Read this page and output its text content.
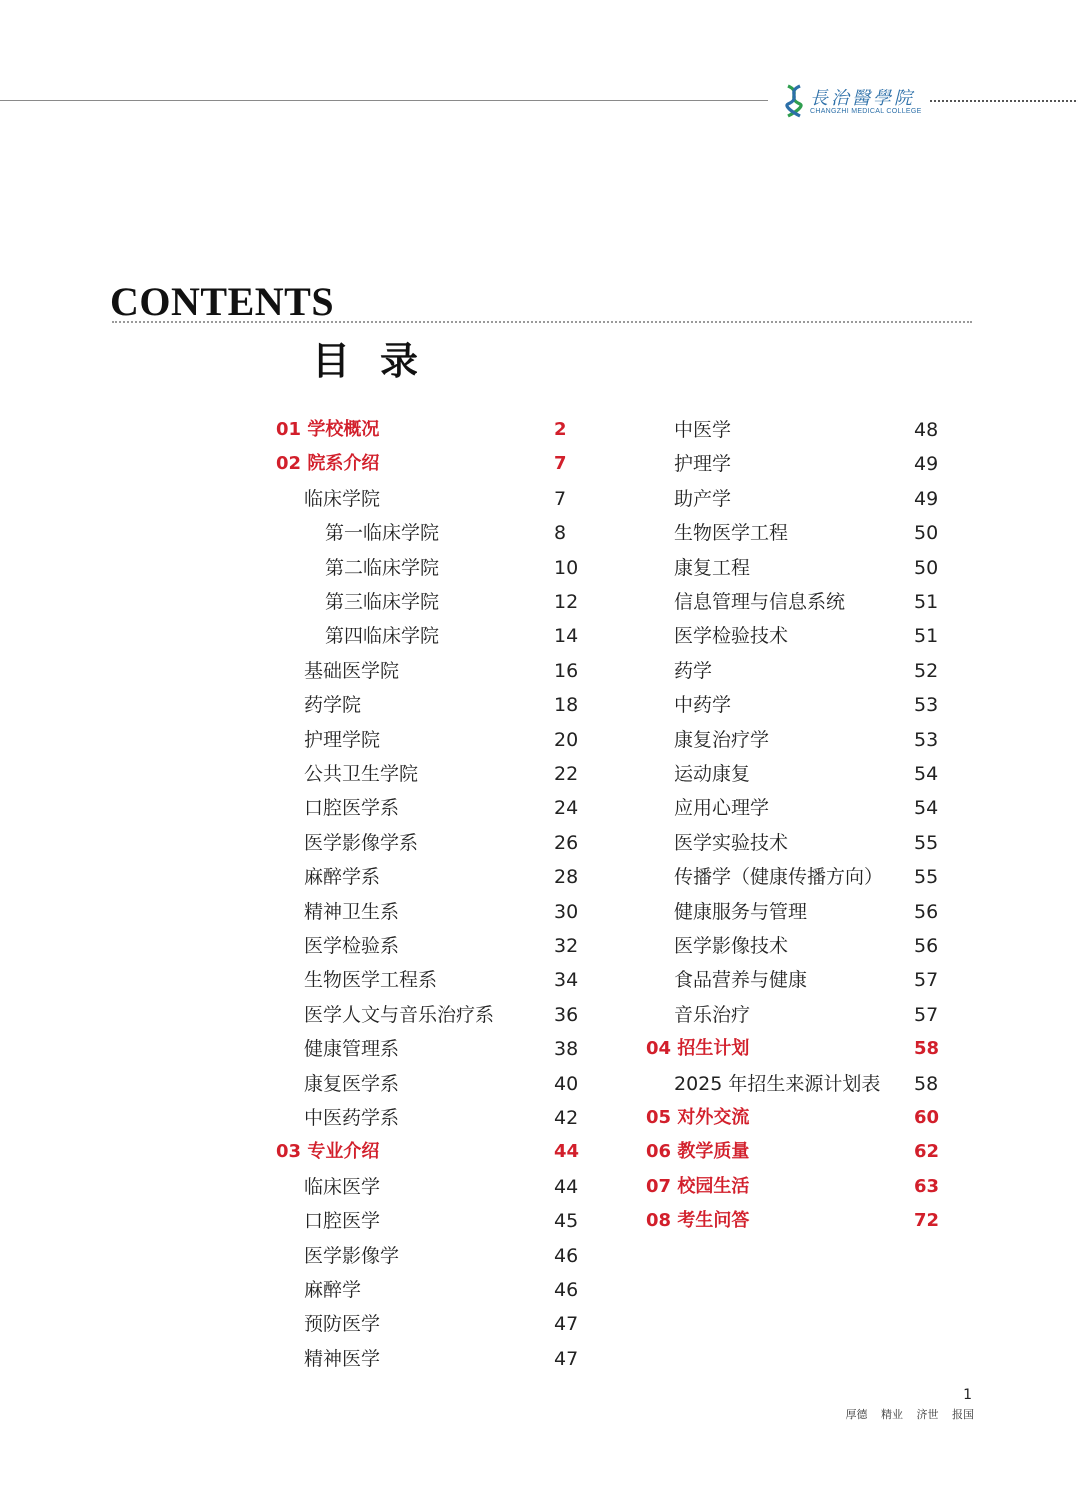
長治醫學院
CHANGZHI MEDICAL COLLEGE
CONTENTS
目录
01 学校概况	2
02 院系介绍	7
临床学院	7
第一临床学院	8
第二临床学院	10
第三临床学院	12
第四临床学院	14
基础医学院	16
药学院	18
护理学院	20
公共卫生学院	22
口腔医学系	24
医学影像学系	26
麻醉学系	28
精神卫生系	30
医学检验系	32
生物医学工程系	34
医学人文与音乐治疗系	36
健康管理系	38
康复医学系	40
中医药学系	42
03 专业介绍	44
临床医学	44
口腔医学	45
医学影像学	46
麻醉学	46
预防医学	47
精神医学	47
中医学	48
护理学	49
助产学	49
生物医学工程	50
康复工程	50
信息管理与信息系统	51
医学检验技术	51
药学	52
中药学	53
康复治疗学	53
运动康复	54
应用心理学	54
医学实验技术	55
传播学（健康传播方向） 55
健康服务与管理	56
医学影像技术	56
食品营养与健康	57
音乐治疗	57
04 招生计划	58
2025 年招生来源计划表 58
05 对外交流	60
06 教学质量	62
07 校园生活	63
08 考生问答	72
1
厚德 精业 济世 报国
